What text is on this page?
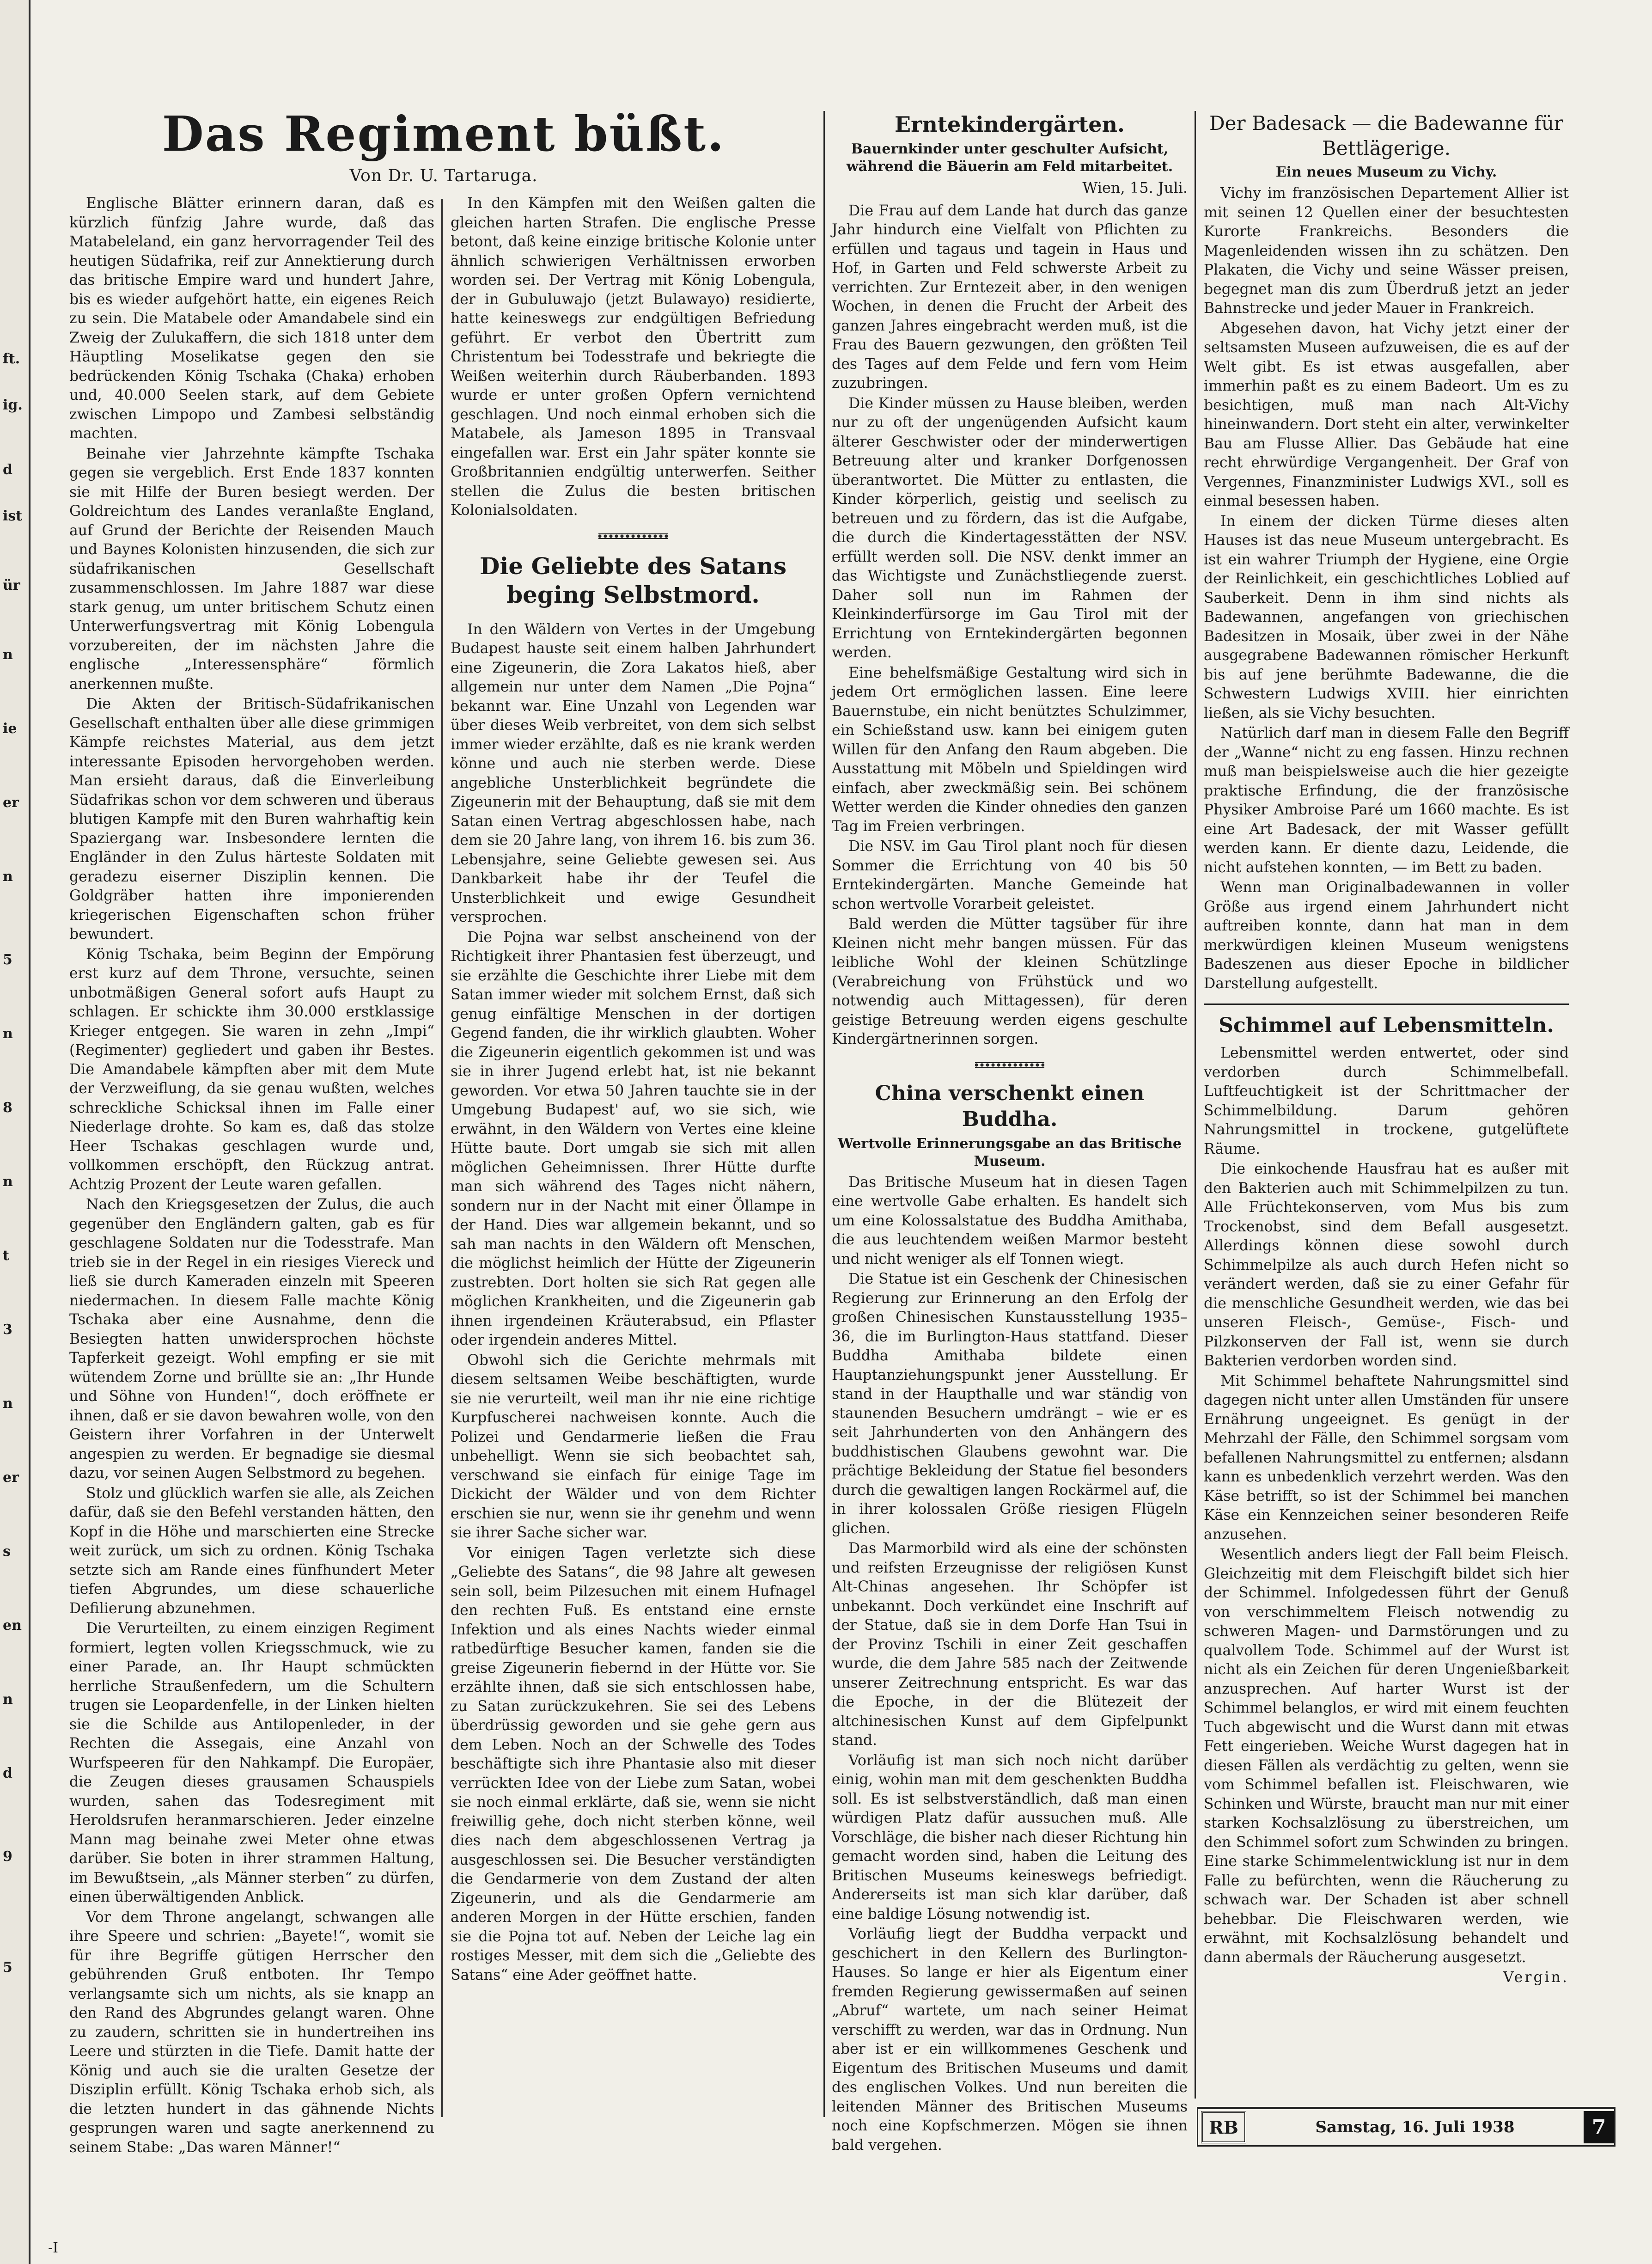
ft.
ig.
d
ist
ür
n
ie
er
n
5
n
8
n
t
3
n
er
s
en
n
d
9
5
Das Regiment büßt.

Von Dr. U. Tartaruga.

Englische Blätter erinnern daran, daß es kürzlich fünfzig Jahre wurde, daß das Matabeleland, ein ganz hervorragender Teil des heutigen Südafrika, reif zur Annektierung durch das britische Empire ward und hundert Jahre, bis es wieder aufgehört hatte, ein eigenes Reich zu sein. Die Matabele oder Amandabele sind ein Zweig der Zulukaffern, die sich 1818 unter dem Häuptling Moselikatse gegen den sie bedrückenden König Tschaka (Chaka) erhoben und, 40.000 Seelen stark, auf dem Gebiete zwischen Limpopo und Zambesi selbständig machten.

Beinahe vier Jahrzehnte kämpfte Tschaka gegen sie vergeblich. Erst Ende 1837 konnten sie mit Hilfe der Buren besiegt werden. Der Goldreichtum des Landes veranlaßte England, auf Grund der Berichte der Reisenden Mauch und Baynes Kolonisten hinzusenden, die sich zur südafrikanischen Gesellschaft zusammenschlossen. Im Jahre 1887 war diese stark genug, um unter britischem Schutz einen Unterwerfungsvertrag mit König Lobengula vorzubereiten, der im nächsten Jahre die englische „Interessensphäre“ förmlich anerkennen mußte.

Die Akten der Britisch-Südafrikanischen Gesellschaft enthalten über alle diese grimmigen Kämpfe reichstes Material, aus dem jetzt interessante Episoden hervorgehoben werden. Man ersieht daraus, daß die Einverleibung Südafrikas schon vor dem schweren und überaus blutigen Kampfe mit den Buren wahrhaftig kein Spaziergang war. Insbesondere lernten die Engländer in den Zulus härteste Soldaten mit geradezu eiserner Disziplin kennen. Die Goldgräber hatten ihre imponierenden kriegerischen Eigenschaften schon früher bewundert.

König Tschaka, beim Beginn der Empörung erst kurz auf dem Throne, versuchte, seinen unbotmäßigen General sofort aufs Haupt zu schlagen. Er schickte ihm 30.000 erstklassige Krieger entgegen. Sie waren in zehn „Impi“ (Regimenter) gegliedert und gaben ihr Bestes. Die Amandabele kämpften aber mit dem Mute der Verzweiflung, da sie genau wußten, welches schreckliche Schicksal ihnen im Falle einer Niederlage drohte. So kam es, daß das stolze Heer Tschakas geschlagen wurde und, vollkommen erschöpft, den Rückzug antrat. Achtzig Prozent der Leute waren gefallen.

Nach den Kriegsgesetzen der Zulus, die auch gegenüber den Engländern galten, gab es für geschlagene Soldaten nur die Todesstrafe. Man trieb sie in der Regel in ein riesiges Viereck und ließ sie durch Kameraden einzeln mit Speeren niedermachen. In diesem Falle machte König Tschaka aber eine Ausnahme, denn die Besiegten hatten unwidersprochen höchste Tapferkeit gezeigt. Wohl empfing er sie mit wütendem Zorne und brüllte sie an: „Ihr Hunde und Söhne von Hunden!“, doch eröffnete er ihnen, daß er sie davon bewahren wolle, von den Geistern ihrer Vorfahren in der Unterwelt angespien zu werden. Er begnadige sie diesmal dazu, vor seinen Augen Selbstmord zu begehen.

Stolz und glücklich warfen sie alle, als Zeichen dafür, daß sie den Befehl verstanden hätten, den Kopf in die Höhe und marschierten eine Strecke weit zurück, um sich zu ordnen. König Tschaka setzte sich am Rande eines fünfhundert Meter tiefen Abgrundes, um diese schauerliche Defilierung abzunehmen.

Die Verurteilten, zu einem einzigen Regiment formiert, legten vollen Kriegsschmuck, wie zu einer Parade, an. Ihr Haupt schmückten herrliche Straußenfedern, um die Schultern trugen sie Leopardenfelle, in der Linken hielten sie die Schilde aus Antilopenleder, in der Rechten die Assegais, eine Anzahl von Wurfspeeren für den Nahkampf. Die Europäer, die Zeugen dieses grausamen Schauspiels wurden, sahen das Todesregiment mit Heroldsrufen heranmarschieren. Jeder einzelne Mann mag beinahe zwei Meter ohne etwas darüber. Sie boten in ihrer strammen Haltung, im Bewußtsein, „als Männer sterben“ zu dürfen, einen überwältigenden Anblick.

Vor dem Throne angelangt, schwangen alle ihre Speere und schrien: „Bayete!“, womit sie für ihre Begriffe gütigen Herrscher den gebührenden Gruß entboten. Ihr Tempo verlangsamte sich um nichts, als sie knapp an den Rand des Abgrundes gelangt waren. Ohne zu zaudern, schritten sie in hundertreihen ins Leere und stürzten in die Tiefe. Damit hatte der König und auch sie die uralten Gesetze der Disziplin erfüllt. König Tschaka erhob sich, als die letzten hundert in das gähnende Nichts gesprungen waren und sagte anerkennend zu seinem Stabe: „Das waren Männer!“

In den Kämpfen mit den Weißen galten die gleichen harten Strafen. Die englische Presse betont, daß keine einzige britische Kolonie unter ähnlich schwierigen Verhältnissen erworben worden sei. Der Vertrag mit König Lobengula, der in Gubuluwajo (jetzt Bulawayo) residierte, hatte keineswegs zur endgültigen Befriedung geführt. Er verbot den Übertritt zum Christentum bei Todesstrafe und bekriegte die Weißen weiterhin durch Räuberbanden. 1893 wurde er unter großen Opfern vernichtend geschlagen. Und noch einmal erhoben sich die Matabele, als Jameson 1895 in Transvaal eingefallen war. Erst ein Jahr später konnte sie Großbritannien endgültig unterwerfen. Seither stellen die Zulus die besten britischen Kolonialsoldaten.

Die Geliebte des Satans beging Selbstmord.

In den Wäldern von Vertes in der Umgebung Budapest hauste seit einem halben Jahrhundert eine Zigeunerin, die Zora Lakatos hieß, aber allgemein nur unter dem Namen „Die Pojna“ bekannt war. Eine Unzahl von Legenden war über dieses Weib verbreitet, von dem sich selbst immer wieder erzählte, daß es nie krank werden könne und auch nie sterben werde. Diese angebliche Unsterblichkeit begründete die Zigeunerin mit der Behauptung, daß sie mit dem Satan einen Vertrag abgeschlossen habe, nach dem sie 20 Jahre lang, von ihrem 16. bis zum 36. Lebensjahre, seine Geliebte gewesen sei. Aus Dankbarkeit habe ihr der Teufel die Unsterblichkeit und ewige Gesundheit versprochen.

Die Pojna war selbst anscheinend von der Richtigkeit ihrer Phantasien fest überzeugt, und sie erzählte die Geschichte ihrer Liebe mit dem Satan immer wieder mit solchem Ernst, daß sich genug einfältige Menschen in der dortigen Gegend fanden, die ihr wirklich glaubten. Woher die Zigeunerin eigentlich gekommen ist und was sie in ihrer Jugend erlebt hat, ist nie bekannt geworden. Vor etwa 50 Jahren tauchte sie in der Umgebung Budapest' auf, wo sie sich, wie erwähnt, in den Wäldern von Vertes eine kleine Hütte baute. Dort umgab sie sich mit allen möglichen Geheimnissen. Ihrer Hütte durfte man sich während des Tages nicht nähern, sondern nur in der Nacht mit einer Öllampe in der Hand. Dies war allgemein bekannt, und so sah man nachts in den Wäldern oft Menschen, die möglichst heimlich der Hütte der Zigeunerin zustrebten. Dort holten sie sich Rat gegen alle möglichen Krankheiten, und die Zigeunerin gab ihnen irgendeinen Kräuterabsud, ein Pflaster oder irgendein anderes Mittel.

Obwohl sich die Gerichte mehrmals mit diesem seltsamen Weibe beschäftigten, wurde sie nie verurteilt, weil man ihr nie eine richtige Kurpfuscherei nachweisen konnte. Auch die Polizei und Gendarmerie ließen die Frau unbehelligt. Wenn sie sich beobachtet sah, verschwand sie einfach für einige Tage im Dickicht der Wälder und von dem Richter erschien sie nur, wenn sie ihr genehm und wenn sie ihrer Sache sicher war.

Vor einigen Tagen verletzte sich diese „Geliebte des Satans“, die 98 Jahre alt gewesen sein soll, beim Pilzesuchen mit einem Hufnagel den rechten Fuß. Es entstand eine ernste Infektion und als eines Nachts wieder einmal ratbedürftige Besucher kamen, fanden sie die greise Zigeunerin fiebernd in der Hütte vor. Sie erzählte ihnen, daß sie sich entschlossen habe, zu Satan zurückzukehren. Sie sei des Lebens überdrüssig geworden und sie gehe gern aus dem Leben. Noch an der Schwelle des Todes beschäftigte sich ihre Phantasie also mit dieser verrückten Idee von der Liebe zum Satan, wobei sie noch einmal erklärte, daß sie, wenn sie nicht freiwillig gehe, doch nicht sterben könne, weil dies nach dem abgeschlossenen Vertrag ja ausgeschlossen sei. Die Besucher verständigten die Gendarmerie von dem Zustand der alten Zigeunerin, und als die Gendarmerie am anderen Morgen in der Hütte erschien, fanden sie die Pojna tot auf. Neben der Leiche lag ein rostiges Messer, mit dem sich die „Geliebte des Satans“ eine Ader geöffnet hatte.

Erntekindergärten.
Bauernkinder unter geschulter Aufsicht, während die Bäuerin am Feld mitarbeitet.
Wien, 15. Juli.

Die Frau auf dem Lande hat durch das ganze Jahr hindurch eine Vielfalt von Pflichten zu erfüllen und tagaus und tagein in Haus und Hof, in Garten und Feld schwerste Arbeit zu verrichten. Zur Erntezeit aber, in den wenigen Wochen, in denen die Frucht der Arbeit des ganzen Jahres eingebracht werden muß, ist die Frau des Bauern gezwungen, den größten Teil des Tages auf dem Felde und fern vom Heim zuzubringen.

Die Kinder müssen zu Hause bleiben, werden nur zu oft der ungenügenden Aufsicht kaum älterer Geschwister oder der minderwertigen Betreuung alter und kranker Dorfgenossen überantwortet. Die Mütter zu entlasten, die Kinder körperlich, geistig und seelisch zu betreuen und zu fördern, das ist die Aufgabe, die durch die Kindertagesstätten der NSV. erfüllt werden soll. Die NSV. denkt immer an das Wichtigste und Zunächstliegende zuerst. Daher soll nun im Rahmen der Kleinkinderfürsorge im Gau Tirol mit der Errichtung von Erntekindergärten begonnen werden.

Eine behelfsmäßige Gestaltung wird sich in jedem Ort ermöglichen lassen. Eine leere Bauernstube, ein nicht benütztes Schulzimmer, ein Schießstand usw. kann bei einigem guten Willen für den Anfang den Raum abgeben. Die Ausstattung mit Möbeln und Spieldingen wird einfach, aber zweckmäßig sein. Bei schönem Wetter werden die Kinder ohnedies den ganzen Tag im Freien verbringen.

Die NSV. im Gau Tirol plant noch für diesen Sommer die Errichtung von 40 bis 50 Erntekindergärten. Manche Gemeinde hat schon wertvolle Vorarbeit geleistet.

Bald werden die Mütter tagsüber für ihre Kleinen nicht mehr bangen müssen. Für das leibliche Wohl der kleinen Schützlinge (Verabreichung von Frühstück und wo notwendig auch Mittagessen), für deren geistige Betreuung werden eigens geschulte Kindergärtnerinnen sorgen.

China verschenkt einen Buddha.
Wertvolle Erinnerungsgabe an das Britische Museum.

Das Britische Museum hat in diesen Tagen eine wertvolle Gabe erhalten. Es handelt sich um eine Kolossalstatue des Buddha Amithaba, die aus leuchtendem weißen Marmor besteht und nicht weniger als elf Tonnen wiegt.

Die Statue ist ein Geschenk der Chinesischen Regierung zur Erinnerung an den Erfolg der großen Chinesischen Kunstausstellung 1935–36, die im Burlington-Haus stattfand. Dieser Buddha Amithaba bildete einen Hauptanziehungspunkt jener Ausstellung. Er stand in der Haupthalle und war ständig von staunenden Besuchern umdrängt – wie er es seit Jahrhunderten von den Anhängern des buddhistischen Glaubens gewohnt war. Die prächtige Bekleidung der Statue fiel besonders durch die gewaltigen langen Rockärmel auf, die in ihrer kolossalen Größe riesigen Flügeln glichen.

Das Marmorbild wird als eine der schönsten und reifsten Erzeugnisse der religiösen Kunst Alt-Chinas angesehen. Ihr Schöpfer ist unbekannt. Doch verkündet eine Inschrift auf der Statue, daß sie in dem Dorfe Han Tsui in der Provinz Tschili in einer Zeit geschaffen wurde, die dem Jahre 585 nach der Zeitwende unserer Zeitrechnung entspricht. Es war das die Epoche, in der die Blütezeit der altchinesischen Kunst auf dem Gipfelpunkt stand.

Vorläufig ist man sich noch nicht darüber einig, wohin man mit dem geschenkten Buddha soll. Es ist selbstverständlich, daß man einen würdigen Platz dafür aussuchen muß. Alle Vorschläge, die bisher nach dieser Richtung hin gemacht worden sind, haben die Leitung des Britischen Museums keineswegs befriedigt. Andererseits ist man sich klar darüber, daß eine baldige Lösung notwendig ist.

Vorläufig liegt der Buddha verpackt und geschichert in den Kellern des Burlington-Hauses. So lange er hier als Eigentum einer fremden Regierung gewissermaßen auf seinen „Abruf“ wartete, um nach seiner Heimat verschifft zu werden, war das in Ordnung. Nun aber ist er ein willkommenes Geschenk und Eigentum des Britischen Museums und damit des englischen Volkes. Und nun bereiten die leitenden Männer des Britischen Museums noch eine Kopfschmerzen. Mögen sie ihnen bald vergehen.

Der Badesack — die Badewanne für Bettlägerige.
Ein neues Museum zu Vichy.

Vichy im französischen Departement Allier ist mit seinen 12 Quellen einer der besuchtesten Kurorte Frankreichs. Besonders die Magenleidenden wissen ihn zu schätzen. Den Plakaten, die Vichy und seine Wässer preisen, begegnet man dis zum Überdruß jetzt an jeder Bahnstrecke und jeder Mauer in Frankreich.

Abgesehen davon, hat Vichy jetzt einer der seltsamsten Museen aufzuweisen, die es auf der Welt gibt. Es ist etwas ausgefallen, aber immerhin paßt es zu einem Badeort. Um es zu besichtigen, muß man nach Alt-Vichy hineinwandern. Dort steht ein alter, verwinkelter Bau am Flusse Allier. Das Gebäude hat eine recht ehrwürdige Vergangenheit. Der Graf von Vergennes, Finanzminister Ludwigs XVI., soll es einmal besessen haben.

In einem der dicken Türme dieses alten Hauses ist das neue Museum untergebracht. Es ist ein wahrer Triumph der Hygiene, eine Orgie der Reinlichkeit, ein geschichtliches Loblied auf Sauberkeit. Denn in ihm sind nichts als Badewannen, angefangen von griechischen Badesitzen in Mosaik, über zwei in der Nähe ausgegrabene Badewannen römischer Herkunft bis auf jene berühmte Badewanne, die die Schwestern Ludwigs XVIII. hier einrichten ließen, als sie Vichy besuchten.

Natürlich darf man in diesem Falle den Begriff der „Wanne“ nicht zu eng fassen. Hinzu rechnen muß man beispielsweise auch die hier gezeigte praktische Erfindung, die der französische Physiker Ambroise Paré um 1660 machte. Es ist eine Art Badesack, der mit Wasser gefüllt werden kann. Er diente dazu, Leidende, die nicht aufstehen konnten, — im Bett zu baden.

Wenn man Originalbadewannen in voller Größe aus irgend einem Jahrhundert nicht auftreiben konnte, dann hat man in dem merkwürdigen kleinen Museum wenigstens Badeszenen aus dieser Epoche in bildlicher Darstellung aufgestellt.

Schimmel auf Lebensmitteln.

Lebensmittel werden entwertet, oder sind verdorben durch Schimmelbefall. Luftfeuchtigkeit ist der Schrittmacher der Schimmelbildung. Darum gehören Nahrungsmittel in trockene, gutgelüftete Räume.

Die einkochende Hausfrau hat es außer mit den Bakterien auch mit Schimmelpilzen zu tun. Alle Früchtekonserven, vom Mus bis zum Trockenobst, sind dem Befall ausgesetzt. Allerdings können diese sowohl durch Schimmelpilze als auch durch Hefen nicht so verändert werden, daß sie zu einer Gefahr für die menschliche Gesundheit werden, wie das bei unseren Fleisch-, Gemüse-, Fisch- und Pilzkonserven der Fall ist, wenn sie durch Bakterien verdorben worden sind.

Mit Schimmel behaftete Nahrungsmittel sind dagegen nicht unter allen Umständen für unsere Ernährung ungeeignet. Es genügt in der Mehrzahl der Fälle, den Schimmel sorgsam vom befallenen Nahrungsmittel zu entfernen; alsdann kann es unbedenklich verzehrt werden. Was den Käse betrifft, so ist der Schimmel bei manchen Käse ein Kennzeichen seiner besonderen Reife anzusehen.

Wesentlich anders liegt der Fall beim Fleisch. Gleichzeitig mit dem Fleischgift bildet sich hier der Schimmel. Infolgedessen führt der Genuß von verschimmeltem Fleisch notwendig zu schweren Magen- und Darmstörungen und zu qualvollem Tode. Schimmel auf der Wurst ist nicht als ein Zeichen für deren Ungenießbarkeit anzusprechen. Auf harter Wurst ist der Schimmel belanglos, er wird mit einem feuchten Tuch abgewischt und die Wurst dann mit etwas Fett eingerieben. Weiche Wurst dagegen hat in diesen Fällen als verdächtig zu gelten, wenn sie vom Schimmel befallen ist. Fleischwaren, wie Schinken und Würste, braucht man nur mit einer starken Kochsalzlösung zu überstreichen, um den Schimmel sofort zum Schwinden zu bringen. Eine starke Schimmelentwicklung ist nur in dem Falle zu befürchten, wenn die Räucherung zu schwach war. Der Schaden ist aber schnell behebbar. Die Fleischwaren werden, wie erwähnt, mit Kochsalzlösung behandelt und dann abermals der Räucherung ausgesetzt.

Vergin.
RB	Samstag, 16. Juli 1938	7
-I
